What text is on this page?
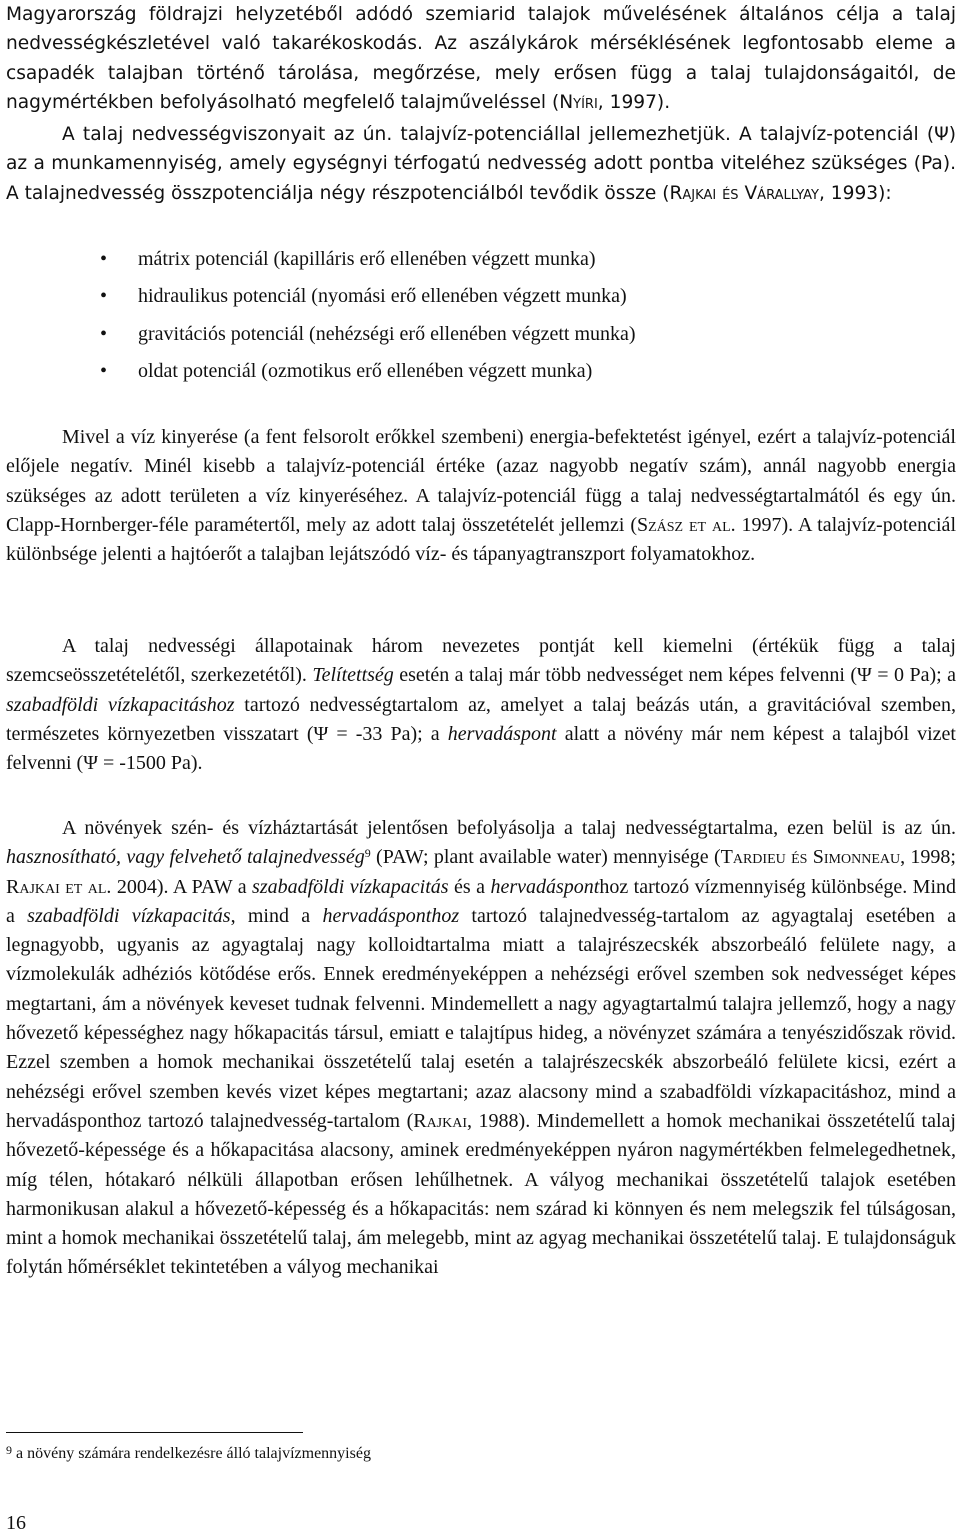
Magyarország földrajzi helyzetéből adódó szemiarid talajok művelésének általános célja a talaj nedvességkészletével való takarékoskodás. Az aszálykárok mérséklésének legfontosabb eleme a csapadék talajban történő tárolása, megőrzése, mely erősen függ a talaj tulajdonságaitól, de nagymértékben befolyásolható megfelelő talajműveléssel (Nyíri, 1997).

A talaj nedvességviszonyait az ún. talajvíz-potenciállal jellemezhetjük. A talajvíz-potenciál (Ψ) az a munkamennyiség, amely egységnyi térfogatú nedvesség adott pontba viteléhez szükséges (Pa). A talajnedvesség összpotenciálja négy részpotenciálból tevődik össze (Rajkai és Várallyay, 1993):

• mátrix potenciál (kapilláris erő ellenében végzett munka)
• hidraulikus potenciál (nyomási erő ellenében végzett munka)
• gravitációs potenciál (nehézségi erő ellenében végzett munka)
• oldat potenciál (ozmotikus erő ellenében végzett munka)

Mivel a víz kinyerése (a fent felsorolt erőkkel szembeni) energia-befektetést igényel, ezért a talajvíz-potenciál előjele negatív. Minél kisebb a talajvíz-potenciál értéke (azaz nagyobb negatív szám), annál nagyobb energia szükséges az adott területen a víz kinyeréséhez. A talajvíz-potenciál függ a talaj nedvességtartalmától és egy ún. Clapp-Hornberger-féle paramétertől, mely az adott talaj összetételét jellemzi (Szász et al. 1997). A talajvíz-potenciál különbsége jelenti a hajtóerőt a talajban lejátszódó víz- és tápanyagtranszport folyamatokhoz.

A talaj nedvességi állapotainak három nevezetes pontját kell kiemelni (értékük függ a talaj szemcseösszetételétől, szerkezetétől). Telítettség esetén a talaj már több nedvességet nem képes felvenni (Ψ = 0 Pa); a szabadföldi vízkapacitáshoz tartozó nedvességtartalom az, amelyet a talaj beázás után, a gravitációval szemben, természetes környezetben visszatart (Ψ = -33 Pa); a hervadáspont alatt a növény már nem képest a talajból vizet felvenni (Ψ = -1500 Pa).

A növények szén- és vízháztartását jelentősen befolyásolja a talaj nedvességtartalma, ezen belül is az ún. hasznosítható, vagy felvehető talajnedvesség$^9$ (PAW; plant available water) mennyisége (Tardieu és Simonneau, 1998; Rajkai et al. 2004). A PAW a szabadföldi vízkapacitás és a hervadásponthoz tartozó vízmennyiség különbsége. Mind a szabadföldi vízkapacitás, mind a hervadásponthoz tartozó talajnedvesség-tartalom az agyagtalaj esetében a legnagyobb, ugyanis az agyagtalaj nagy kolloidtartalma miatt a talajrészecskék abszorbeáló felülete nagy, a vízmolekulák adhéziós kötődése erős. Ennek eredményeképpen a nehézségi erővel szemben sok nedvességet képes megtartani, ám a növények keveset tudnak felvenni. Mindemellett a nagy agyagtartalmú talajra jellemző, hogy a nagy hővezető képességhez nagy hőkapacitás társul, emiatt e talajtípus hideg, a növényzet számára a tenyészidőszak rövid. Ezzel szemben a homok mechanikai összetételű talaj esetén a talajrészecskék abszorbeáló felülete kicsi, ezért a nehézségi erővel szemben kevés vizet képes megtartani; azaz alacsony mind a szabadföldi vízkapacitáshoz, mind a hervadásponthoz tartozó talajnedvesség-tartalom (Rajkai, 1988). Mindemellett a homok mechanikai összetételű talaj hővezető-képessége és a hőkapacitása alacsony, aminek eredményeképpen nyáron nagymértékben felmelegedhetnek, míg télen, hótakaró nélküli állapotban erősen lehűlhetnek. A vályog mechanikai összetételű talajok esetében harmonikusan alakul a hővezető-képesség és a hőkapacitás: nem szárad ki könnyen és nem melegszik fel túlságosan, mint a homok mechanikai összetételű talaj, ám melegebb, mint az agyag mechanikai összetételű talaj. E tulajdonságuk folytán hőmérséklet tekintetében a vályog mechanikai

$^9$ a növény számára rendelkezésre álló talajvízmennyiség
16
